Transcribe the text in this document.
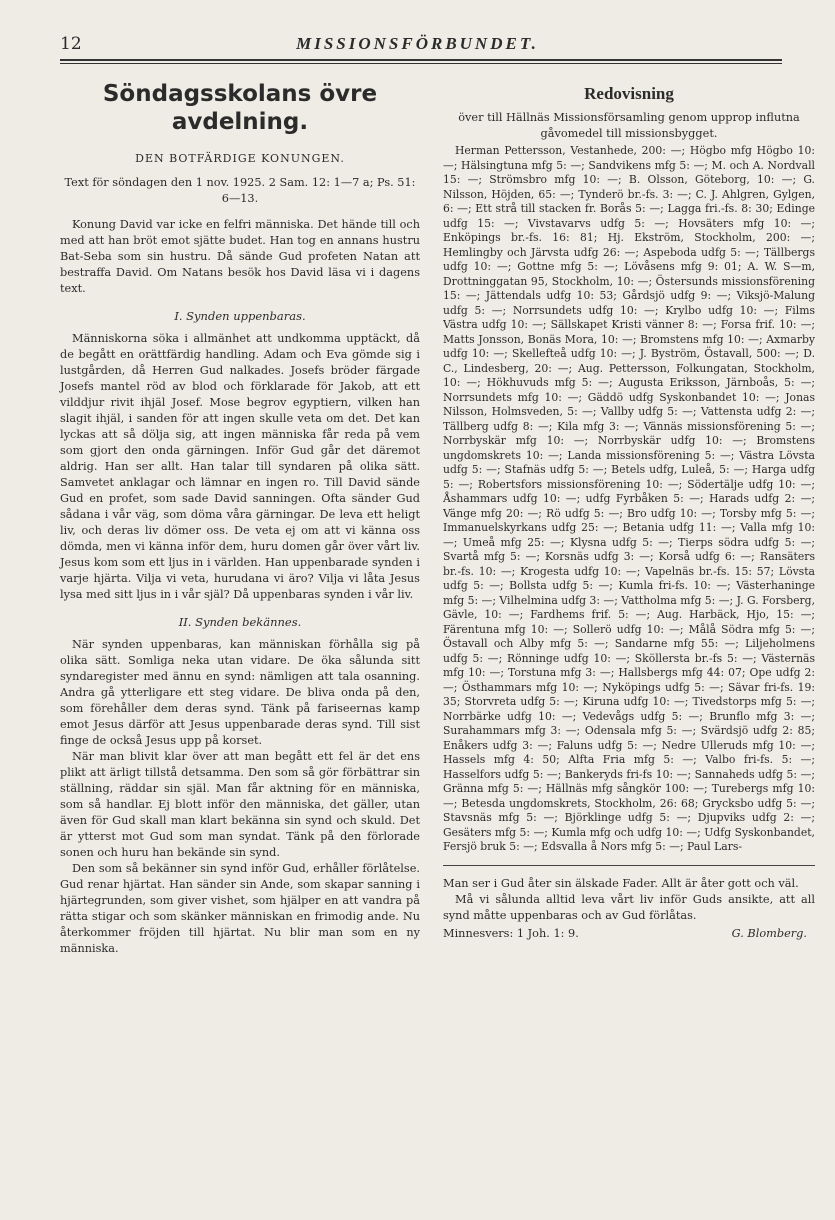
12	MISSIONSFÖRBUNDET.
Söndagsskolans övre avdelning.

DEN BOTFÄRDIGE KONUNGEN.

Text för söndagen den 1 nov. 1925. 2 Sam. 12: 1—7 a; Ps. 51: 6—13.

Konung David var icke en felfri människa. Det hände till och med att han bröt emot sjätte budet. Han tog en annans hustru Bat-Seba som sin hustru. Då sände Gud profeten Natan att bestraffa David. Om Natans besök hos David läsa vi i dagens text.

I. Synden uppenbaras.

Människorna söka i allmänhet att undkomma upptäckt, då de begått en orättfärdig handling. Adam och Eva gömde sig i lustgården, då Herren Gud nalkades. Josefs bröder färgade Josefs mantel röd av blod och förklarade för Jakob, att ett vilddjur rivit ihjäl Josef. Mose begrov egyptiern, vilken han slagit ihjäl, i sanden för att ingen skulle veta om det. Det kan lyckas att så dölja sig, att ingen människa får reda på vem som gjort den onda gärningen. Inför Gud går det däremot aldrig. Han ser allt. Han talar till syndaren på olika sätt. Samvetet anklagar och lämnar en ingen ro. Till David sände Gud en profet, som sade David sanningen. Ofta sänder Gud sådana i vår väg, som döma våra gärningar. De leva ett heligt liv, och deras liv dömer oss. De veta ej om att vi känna oss dömda, men vi känna inför dem, huru domen går över vårt liv. Jesus kom som ett ljus in i världen. Han uppenbarade synden i varje hjärta. Vilja vi veta, hurudana vi äro? Vilja vi låta Jesus lysa med sitt ljus in i vår själ? Då uppenbaras synden i vår liv.

II. Synden bekännes.

När synden uppenbaras, kan människan förhålla sig på olika sätt. Somliga neka utan vidare. De öka sålunda sitt syndaregister med ännu en synd: nämligen att tala osanning. Andra gå ytterligare ett steg vidare. De bliva onda på den, som förehåller dem deras synd. Tänk på fariseernas kamp emot Jesus därför att Jesus uppenbarade deras synd. Till sist finge de också Jesus upp på korset.

När man blivit klar över att man begått ett fel är det ens plikt att ärligt tillstå detsamma. Den som så gör förbättrar sin ställning, räddar sin själ. Man får aktning för en människa, som så handlar. Ej blott inför den människa, det gäller, utan även för Gud skall man klart bekänna sin synd och skuld. Det är ytterst mot Gud som man syndat. Tänk på den förlorade sonen och huru han bekände sin synd.

Den som så bekänner sin synd inför Gud, erhåller förlåtelse. Gud renar hjärtat. Han sänder sin Ande, som skapar sanning i hjärtegrunden, som giver vishet, som hjälper en att vandra på rätta stigar och som skänker människan en frimodig ande. Nu återkommer fröjden till hjärtat. Nu blir man som en ny människa.

Redovisning

över till Hällnäs Missionsförsamling genom upprop influtna gåvomedel till missionsbygget.

Herman Pettersson, Vestanhede, 200: —; Högbo mfg Högbo 10: —; Hälsingtuna mfg 5: —; Sandvikens mfg 5: —; M. och A. Nordvall 15: —; Strömsbro mfg 10: —; B. Olsson, Göteborg, 10: —; G. Nilsson, Höjden, 65: —; Tynderö br.-fs. 3: —; C. J. Ahlgren, Gylgen, 6: —; Ett strå till stacken fr. Borås 5: —; Lagga fri.-fs. 8: 30; Edinge udfg 15: —; Vivstavarvs udfg 5: —; Hovsäters mfg 10: —; Enköpings br.-fs. 16: 81; Hj. Ekström, Stockholm, 200: —; Hemlingby och Järvsta udfg 26: —; Aspeboda udfg 5: —; Tällbergs udfg 10: —; Gottne mfg 5: —; Lövåsens mfg 9: 01; A. W. S—m, Drottninggatan 95, Stockholm, 10: —; Östersunds missionsförening 15: —; Jättendals udfg 10: 53; Gårdsjö udfg 9: —; Viksjö-Malung udfg 5: —; Norrsundets udfg 10: —; Krylbo udfg 10: —; Films Västra udfg 10: —; Sällskapet Kristi vänner 8: —; Forsa frif. 10: —; Matts Jonsson, Bonäs Mora, 10: —; Bromstens mfg 10: —; Axmarby udfg 10: —; Skellefteå udfg 10: —; J. Byström, Östavall, 500: —; D. C., Lindesberg, 20: —; Aug. Pettersson, Folkungatan, Stockholm, 10: —; Hökhuvuds mfg 5: —; Augusta Eriksson, Järnboås, 5: —; Norrsundets mfg 10: —; Gäddö udfg Syskonbandet 10: —; Jonas Nilsson, Holmsveden, 5: —; Vallby udfg 5: —; Vattensta udfg 2: —; Tällberg udfg 8: —; Kila mfg 3: —; Vännäs missionsförening 5: —; Norrbyskär mfg 10: —; Norrbyskär udfg 10: —; Bromstens ungdomskrets 10: —; Landa missionsförening 5: —; Västra Lövsta udfg 5: —; Stafnäs udfg 5: —; Betels udfg, Luleå, 5: —; Harga udfg 5: —; Robertsfors missionsförening 10: —; Södertälje udfg 10: —; Åshammars udfg 10: —; udfg Fyrbåken 5: —; Harads udfg 2: —; Vänge mfg 20: —; Rö udfg 5: —; Bro udfg 10: —; Torsby mfg 5: —; Immanuelskyrkans udfg 25: —; Betania udfg 11: —; Valla mfg 10: —; Umeå mfg 25: —; Klysna udfg 5: —; Tierps södra udfg 5: —; Svartå mfg 5: —; Korsnäs udfg 3: —; Korså udfg 6: —; Ransäters br.-fs. 10: —; Krogesta udfg 10: —; Vapelnäs br.-fs. 15: 57; Lövsta udfg 5: —; Bollsta udfg 5: —; Kumla fri-fs. 10: —; Västerhaninge mfg 5: —; Vilhelmina udfg 3: —; Vattholma mfg 5: —; J. G. Forsberg, Gävle, 10: —; Fardhems frif. 5: —; Aug. Harbäck, Hjo, 15: —; Färentuna mfg 10: —; Sollerö udfg 10: —; Målå Södra mfg 5: —; Östavall och Alby mfg 5: —; Sandarne mfg 55: —; Liljeholmens udfg 5: —; Rönninge udfg 10: —; Sköllersta br.-fs 5: —; Västernäs mfg 10: —; Torstuna mfg 3: —; Hallsbergs mfg 44: 07; Ope udfg 2: —; Östhammars mfg 10: —; Nyköpings udfg 5: —; Sävar fri-fs. 19: 35; Storvreta udfg 5: —; Kiruna udfg 10: —; Tivedstorps mfg 5: —; Norrbärke udfg 10: —; Vedevågs udfg 5: —; Brunflo mfg 3: —; Surahammars mfg 3: —; Odensala mfg 5: —; Svärdsjö udfg 2: 85; Enåkers udfg 3: —; Faluns udfg 5: —; Nedre Ulleruds mfg 10: —; Hassels mfg 4: 50; Alfta Fria mfg 5: —; Valbo fri-fs. 5: —; Hasselfors udfg 5: —; Bankeryds fri-fs 10: —; Sannaheds udfg 5: —; Gränna mfg 5: —; Hällnäs mfg sångkör 100: —; Turebergs mfg 10: —; Betesda ungdomskrets, Stockholm, 26: 68; Grycksbo udfg 5: —; Stavsnäs mfg 5: —; Björklinge udfg 5: —; Djupviks udfg 2: —; Gesäters mfg 5: —; Kumla mfg och udfg 10: —; Udfg Syskonbandet, Fersjö bruk 5: —; Edsvalla å Nors mfg 5: —; Paul Lars-

Man ser i Gud åter sin älskade Fader. Allt är åter gott och väl.

Må vi sålunda alltid leva vårt liv inför Guds ansikte, att all synd måtte uppenbaras och av Gud förlåtas.

Minnesvers: 1 Joh. 1: 9.	G. Blomberg.
